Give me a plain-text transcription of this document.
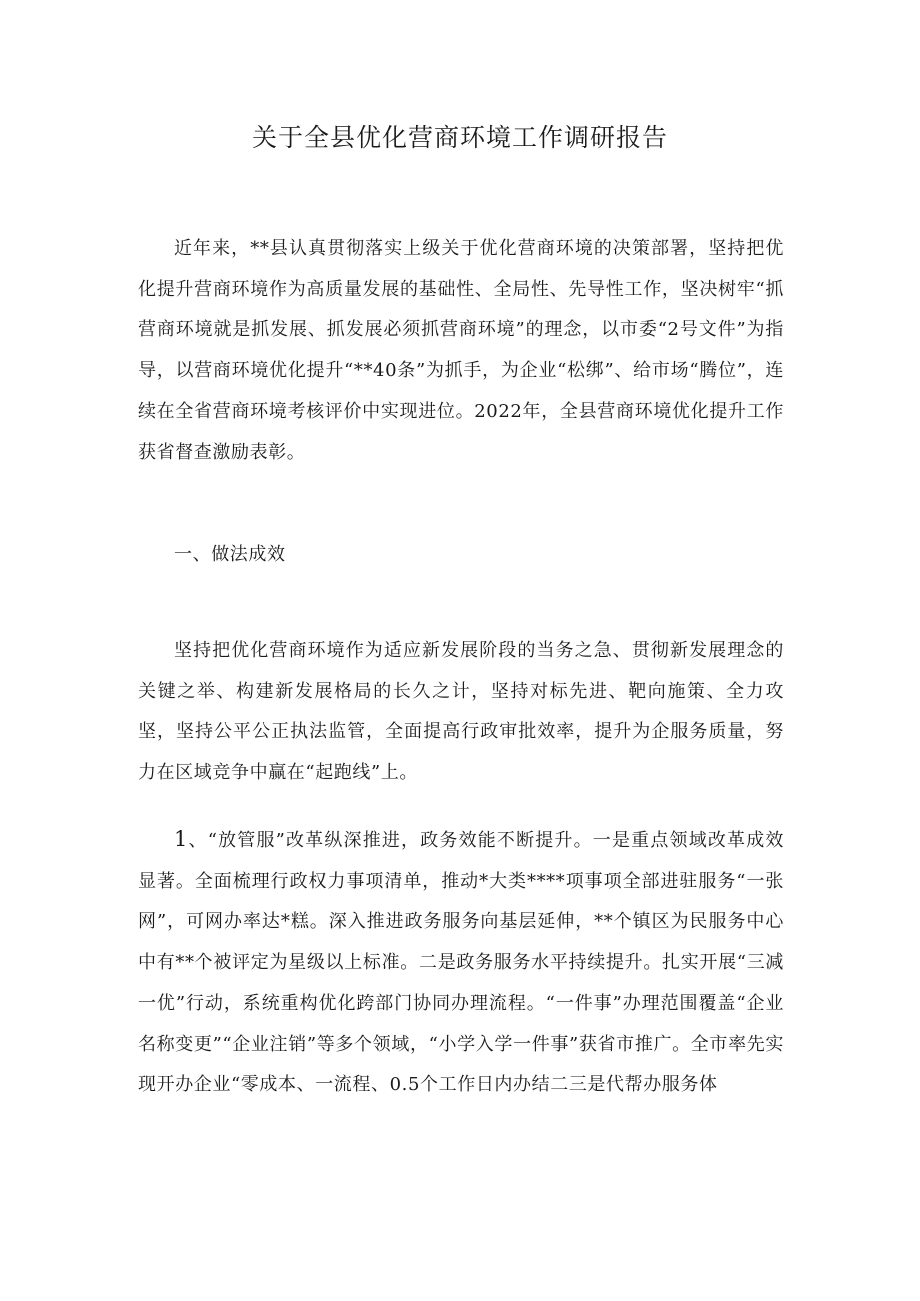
关于全县优化营商环境工作调研报告

近年来，**县认真贯彻落实上级关于优化营商环境的决策部署，坚持把优化提升营商环境作为高质量发展的基础性、全局性、先导性工作，坚决树牢“抓营商环境就是抓发展、抓发展必须抓营商环境”的理念，以市委“2号文件”为指导，以营商环境优化提升“**40条”为抓手，为企业“松绑”、给市场“腾位”，连续在全省营商环境考核评价中实现进位。2022年，全县营商环境优化提升工作获省督查激励表彰。

一、做法成效

坚持把优化营商环境作为适应新发展阶段的当务之急、贯彻新发展理念的关键之举、构建新发展格局的长久之计，坚持对标先进、靶向施策、全力攻坚，坚持公平公正执法监管，全面提高行政审批效率，提升为企服务质量，努力在区域竞争中赢在“起跑线”上。

1、“放管服”改革纵深推进，政务效能不断提升。一是重点领域改革成效显著。全面梳理行政权力事项清单，推动*大类****项事项全部进驻服务“一张网”，可网办率达*糕。深入推进政务服务向基层延伸，**个镇区为民服务中心中有**个被评定为星级以上标准。二是政务服务水平持续提升。扎实开展“三减一优”行动，系统重构优化跨部门协同办理流程。“一件事”办理范围覆盖“企业名称变更”“企业注销”等多个领域，“小学入学一件事”获省市推广。全市率先实现开办企业“零成本、一流程、0.5个工作日内办结二三是代帮办服务体
